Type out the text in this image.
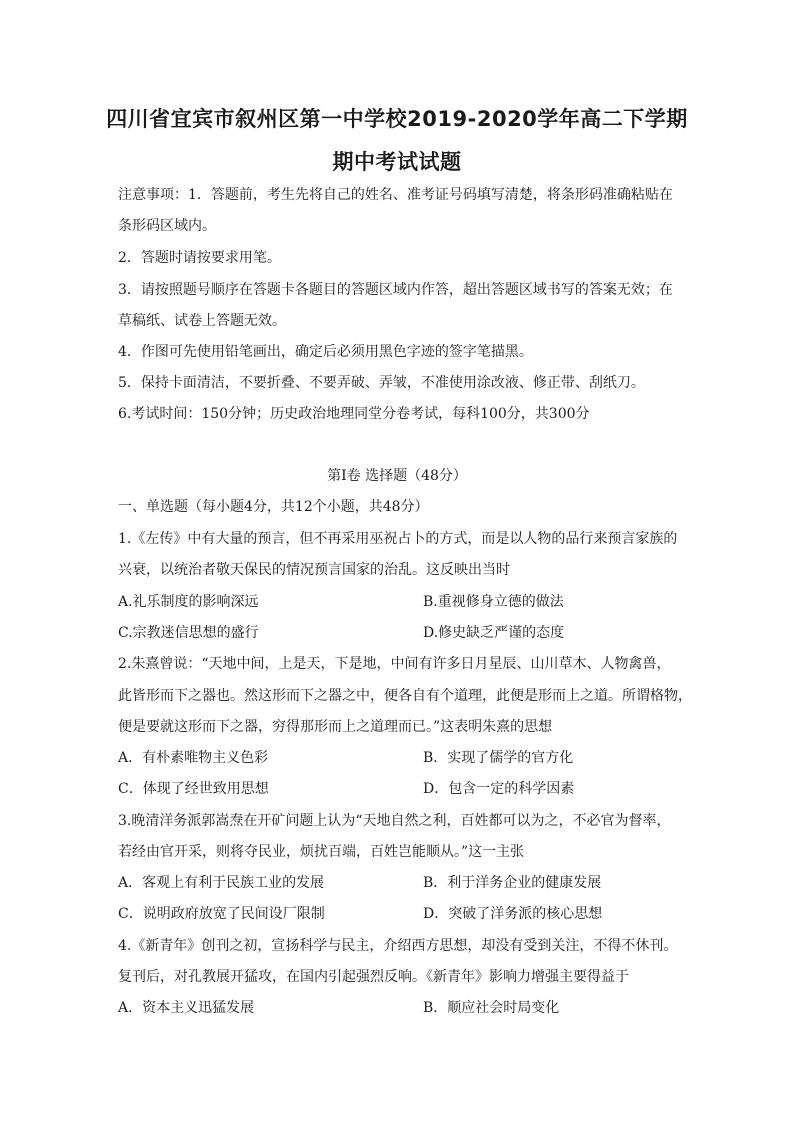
四川省宜宾市叙州区第一中学校2019-2020学年高二下学期
期中考试试题
注意事项：1．答题前，考生先将自己的姓名、准考证号码填写清楚，将条形码准确粘贴在
条形码区域内。
2．答题时请按要求用笔。
3．请按照题号顺序在答题卡各题目的答题区域内作答，超出答题区域书写的答案无效；在
草稿纸、试卷上答题无效。
4．作图可先使用铅笔画出，确定后必须用黑色字迹的签字笔描黑。
5．保持卡面清洁，不要折叠、不要弄破、弄皱，不准使用涂改液、修正带、刮纸刀。
6.考试时间：150分钟；历史政治地理同堂分卷考试，每科100分，共300分
第Ⅰ卷 选择题（48分）
一、单选题（每小题4分，共12个小题，共48分）
1.《左传》中有大量的预言，但不再采用巫祝占卜的方式，而是以人物的品行来预言家族的
兴衰，以统治者敬天保民的情况预言国家的治乱。这反映出当时
A.礼乐制度的影响深远	B.重视修身立德的做法
C.宗教迷信思想的盛行	D.修史缺乏严谨的态度
2.朱熹曾说：“天地中间，上是天，下是地，中间有许多日月星辰、山川草木、人物禽兽，
此皆形而下之器也。然这形而下之器之中，便各自有个道理，此便是形而上之道。所谓格物，
便是要就这形而下之器，穷得那形而上之道理而已。”这表明朱熹的思想
A．有朴素唯物主义色彩	B．实现了儒学的官方化
C．体现了经世致用思想	D．包含一定的科学因素
3.晚清洋务派郭嵩焘在开矿问题上认为“天地自然之利，百姓都可以为之，不必官为督率，
若经由官开采，则将夺民业，烦扰百端，百姓岂能顺从。”这一主张
A．客观上有利于民族工业的发展	B．利于洋务企业的健康发展
C．说明政府放宽了民间设厂限制	D．突破了洋务派的核心思想
4.《新青年》创刊之初，宣扬科学与民主，介绍西方思想，却没有受到关注，不得不休刊。
复刊后，对孔教展开猛攻，在国内引起强烈反响。《新青年》影响力增强主要得益于
A．资本主义迅猛发展	B．顺应社会时局变化
